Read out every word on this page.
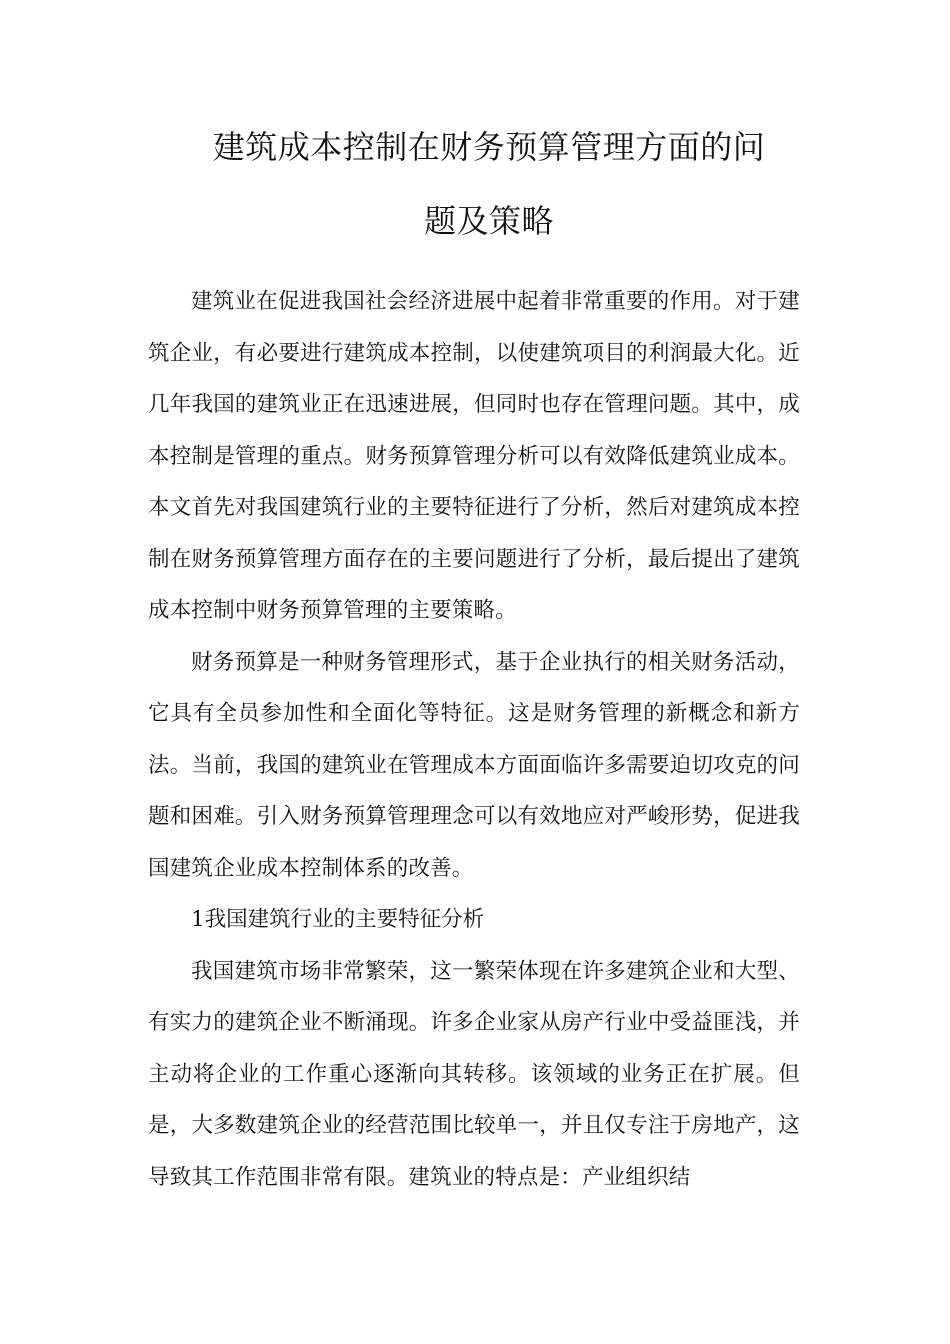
建筑成本控制在财务预算管理方面的问
题及策略

建筑业在促进我国社会经济进展中起着非常重要的作用。对于建筑企业，有必要进行建筑成本控制，以使建筑项目的利润最大化。近几年我国的建筑业正在迅速进展，但同时也存在管理问题。其中，成本控制是管理的重点。财务预算管理分析可以有效降低建筑业成本。本文首先对我国建筑行业的主要特征进行了分析，然后对建筑成本控制在财务预算管理方面存在的主要问题进行了分析，最后提出了建筑成本控制中财务预算管理的主要策略。

财务预算是一种财务管理形式，基于企业执行的相关财务活动，它具有全员参加性和全面化等特征。这是财务管理的新概念和新方法。当前，我国的建筑业在管理成本方面面临许多需要迫切攻克的问题和困难。引入财务预算管理理念可以有效地应对严峻形势，促进我国建筑企业成本控制体系的改善。

1我国建筑行业的主要特征分析

我国建筑市场非常繁荣，这一繁荣体现在许多建筑企业和大型、有实力的建筑企业不断涌现。许多企业家从房产行业中受益匪浅，并主动将企业的工作重心逐渐向其转移。该领域的业务正在扩展。但是，大多数建筑企业的经营范围比较单一，并且仅专注于房地产，这导致其工作范围非常有限。建筑业的特点是：产业组织结
